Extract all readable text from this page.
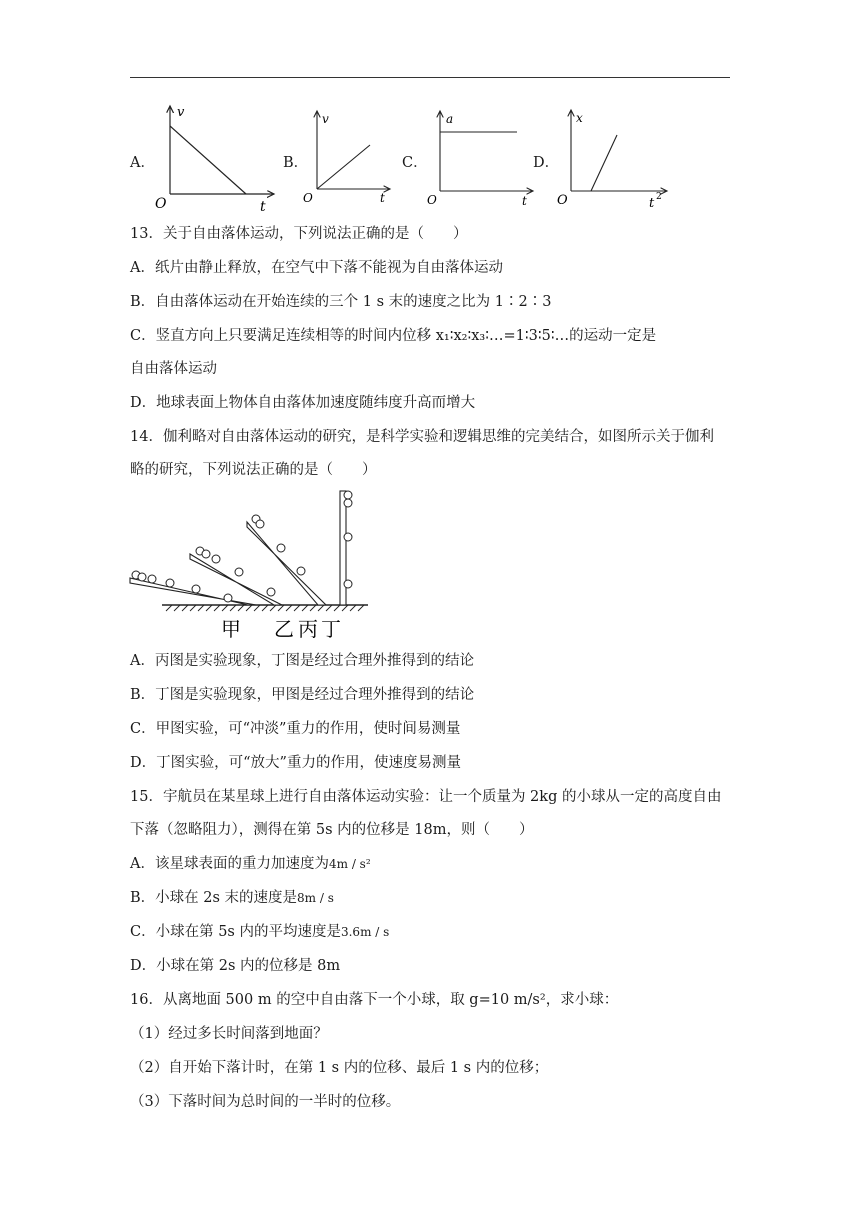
A．
v
t
O
B．
v
t
O
C．
a
t
O
D．
x
t 2
O
13．关于自由落体运动，下列说法正确的是（　　）
A．纸片由静止释放，在空气中下落不能视为自由落体运动
B．自由落体运动在开始连续的三个 1 s 末的速度之比为 1∶2∶3
C．竖直方向上只要满足连续相等的时间内位移 x₁∶x₂∶x₃∶…=1∶3∶5∶…的运动一定是
自由落体运动
D．地球表面上物体自由落体加速度随纬度升高而增大
14．伽利略对自由落体运动的研究，是科学实验和逻辑思维的完美结合，如图所示关于伽利
略的研究，下列说法正确的是（　　）
甲 乙 丙 丁
A．丙图是实验现象，丁图是经过合理外推得到的结论
B．丁图是实验现象，甲图是经过合理外推得到的结论
C．甲图实验，可“冲淡”重力的作用，使时间易测量
D．丁图实验，可“放大”重力的作用，使速度易测量
15．宇航员在某星球上进行自由落体运动实验：让一个质量为 2kg 的小球从一定的高度自由
下落（忽略阻力），测得在第 5s 内的位移是 18m，则（　　）
A．该星球表面的重力加速度为4m / s²
B．小球在 2s 末的速度是8m / s
C．小球在第 5s 内的平均速度是3.6m / s
D．小球在第 2s 内的位移是 8m
16．从离地面 500 m 的空中自由落下一个小球，取 g=10 m/s²，求小球：
（1）经过多长时间落到地面？
（2）自开始下落计时，在第 1 s 内的位移、最后 1 s 内的位移；
（3）下落时间为总时间的一半时的位移。
